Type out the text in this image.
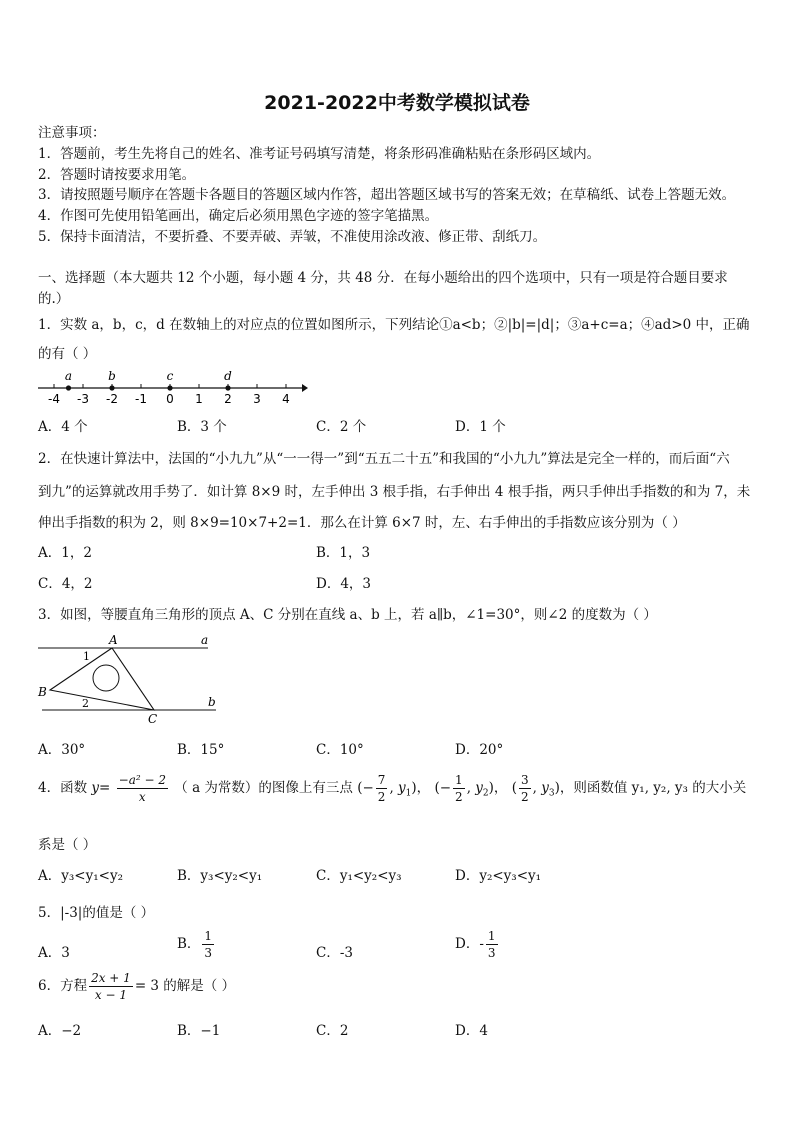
2021-2022中考数学模拟试卷
注意事项：
1．答题前，考生先将自己的姓名、准考证号码填写清楚，将条形码准确粘贴在条形码区域内。
2．答题时请按要求用笔。
3．请按照题号顺序在答题卡各题目的答题区域内作答，超出答题区域书写的答案无效；在草稿纸、试卷上答题无效。
4．作图可先使用铅笔画出，确定后必须用黑色字迹的签字笔描黑。
5．保持卡面清洁，不要折叠、不要弄破、弄皱，不准使用涂改液、修正带、刮纸刀。
一、选择题（本大题共 12 个小题，每小题 4 分，共 48 分．在每小题给出的四个选项中，只有一项是符合题目要求
的.）
1．实数 a，b，c，d 在数轴上的对应点的位置如图所示，下列结论①a<b；②|b|=|d|；③a+c=a；④ad>0 中，正确
的有（ ）
-4 -3 -2 -1 0 1 2 3 4
a	b	c	d
A．4 个	B．3 个	C．2 个	D．1 个
2．在快速计算法中，法国的“小九九”从“一一得一”到“五五二十五”和我国的“小九九”算法是完全一样的，而后面“六
到九”的运算就改用手势了．如计算 8×9 时，左手伸出 3 根手指，右手伸出 4 根手指，两只手伸出手指数的和为 7，未
伸出手指数的积为 2，则 8×9=10×7+2=1．那么在计算 6×7 时，左、右手伸出的手指数应该分别为（ ）
A．1，2	B．1，3
C．4，2	D．4，3
3．如图，等腰直角三角形的顶点 A、C 分别在直线 a、b 上，若 a∥b，∠1=30°，则∠2 的度数为（ ）
A	a
1
B
2
C
b
A．30°	B．15°	C．10°	D．20°
4．函数 $y= \frac{\text{−a² − 2}}{x}$ （ a 为常数）的图像上有三点 (− $\frac{7}{2}$ , $y_1$)， (− $\frac{1}{2}$ , $y_2$)， ( $\frac{3}{2}$ , $y_3$)，则函数值 y₁, y₂, y₃ 的大小关
系是（ ）
A．y₃<y₁<y₂	B．y₃<y₂<y₁	C．y₁<y₂<y₃	D．y₂<y₃<y₁
5．|-3|的值是（ ）
A．3
B． $\frac{1}{3}$	C．-3
D．- $\frac{1}{3}$
6．方程 $\frac{2x + 1}{x - 1} = 3$ 的解是（ ）
A．−2	B．−1	C．2	D．4
